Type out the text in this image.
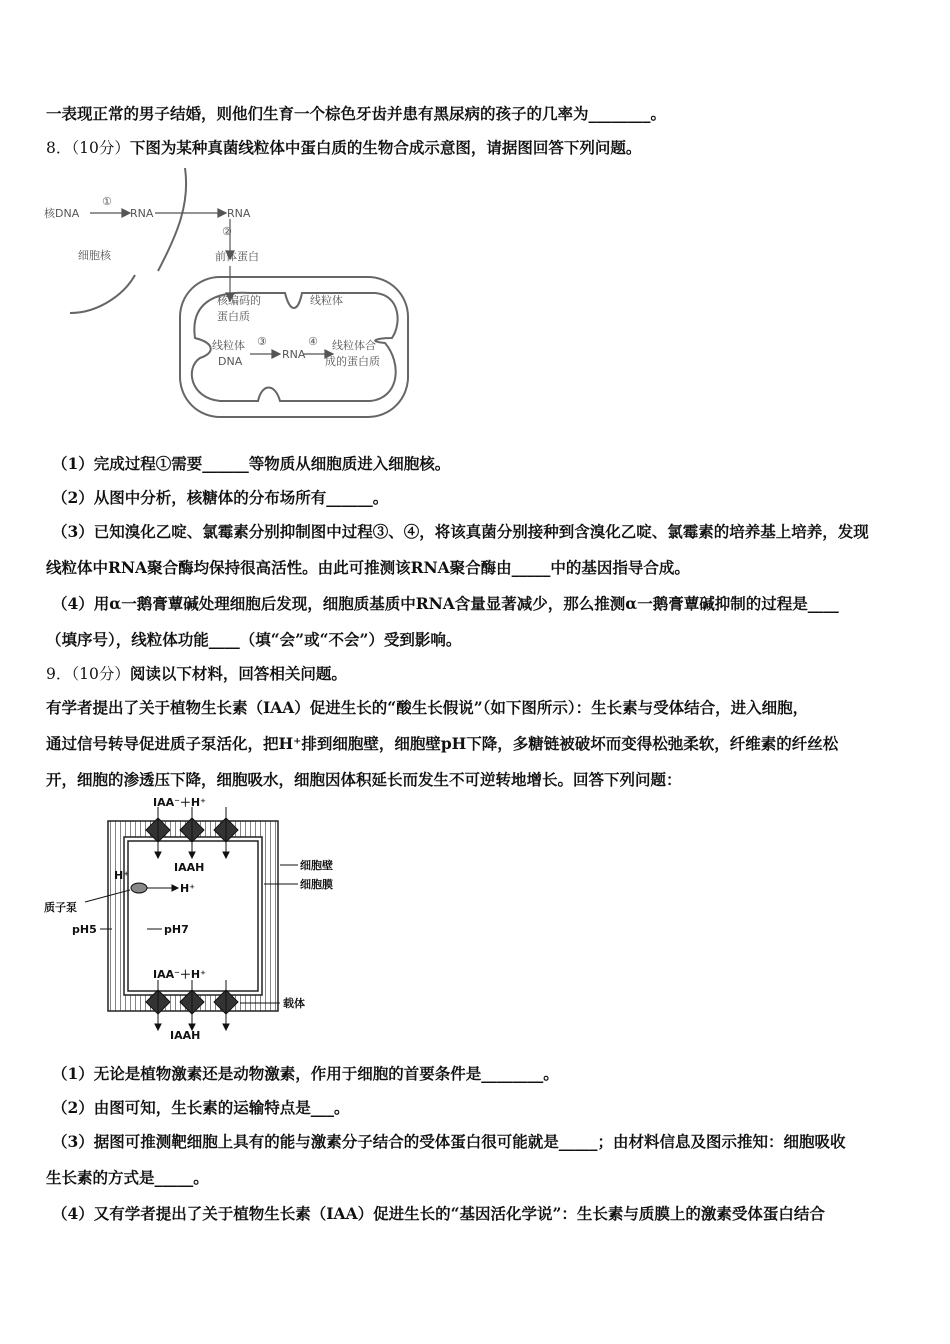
一表现正常的男子结婚，则他们生育一个棕色牙齿并患有黑尿病的孩子的几率为________。
8．（10分）下图为某种真菌线粒体中蛋白质的生物合成示意图，请据图回答下列问题。
核DNA
①
RNA	RNA
②
细胞核	前体蛋白
核编码的
蛋白质
线粒体
线粒体
DNA
③
RNA
④ 线粒体合
成的蛋白质
（1）完成过程①需要______等物质从细胞质进入细胞核。
（2）从图中分析，核糖体的分布场所有______。
（3）已知溴化乙啶、氯霉素分别抑制图中过程③、④，将该真菌分别接种到含溴化乙啶、氯霉素的培养基上培养，发现
线粒体中RNA聚合酶均保持很高活性。由此可推测该RNA聚合酶由_____中的基因指导合成。
（4）用α一鹅膏蕈碱处理细胞后发现，细胞质基质中RNA含量显著减少，那么推测α一鹅膏蕈碱抑制的过程是____
（填序号），线粒体功能____（填“会”或“不会”）受到影响。
9．（10分）阅读以下材料，回答相关问题。
有学者提出了关于植物生长素（IAA）促进生长的“酸生长假说”（如下图所示）：生长素与受体结合，进入细胞，
通过信号转导促进质子泵活化，把H⁺排到细胞壁，细胞壁pH下降，多糖链被破坏而变得松弛柔软，纤维素的纤丝松
开，细胞的渗透压下降，细胞吸水，细胞因体积延长而发生不可逆转地增长。回答下列问题：
IAA⁻＋H⁺
IAAH	细胞壁
细胞膜
H⁺
H⁺
质子泵
pH5	pH7
IAA⁻＋H⁺
载体
IAAH
（1）无论是植物激素还是动物激素，作用于细胞的首要条件是________。
（2）由图可知，生长素的运输特点是___。
（3）据图可推测靶细胞上具有的能与激素分子结合的受体蛋白很可能就是_____；由材料信息及图示推知：细胞吸收
生长素的方式是_____。
（4）又有学者提出了关于植物生长素（IAA）促进生长的“基因活化学说”：生长素与质膜上的激素受体蛋白结合
